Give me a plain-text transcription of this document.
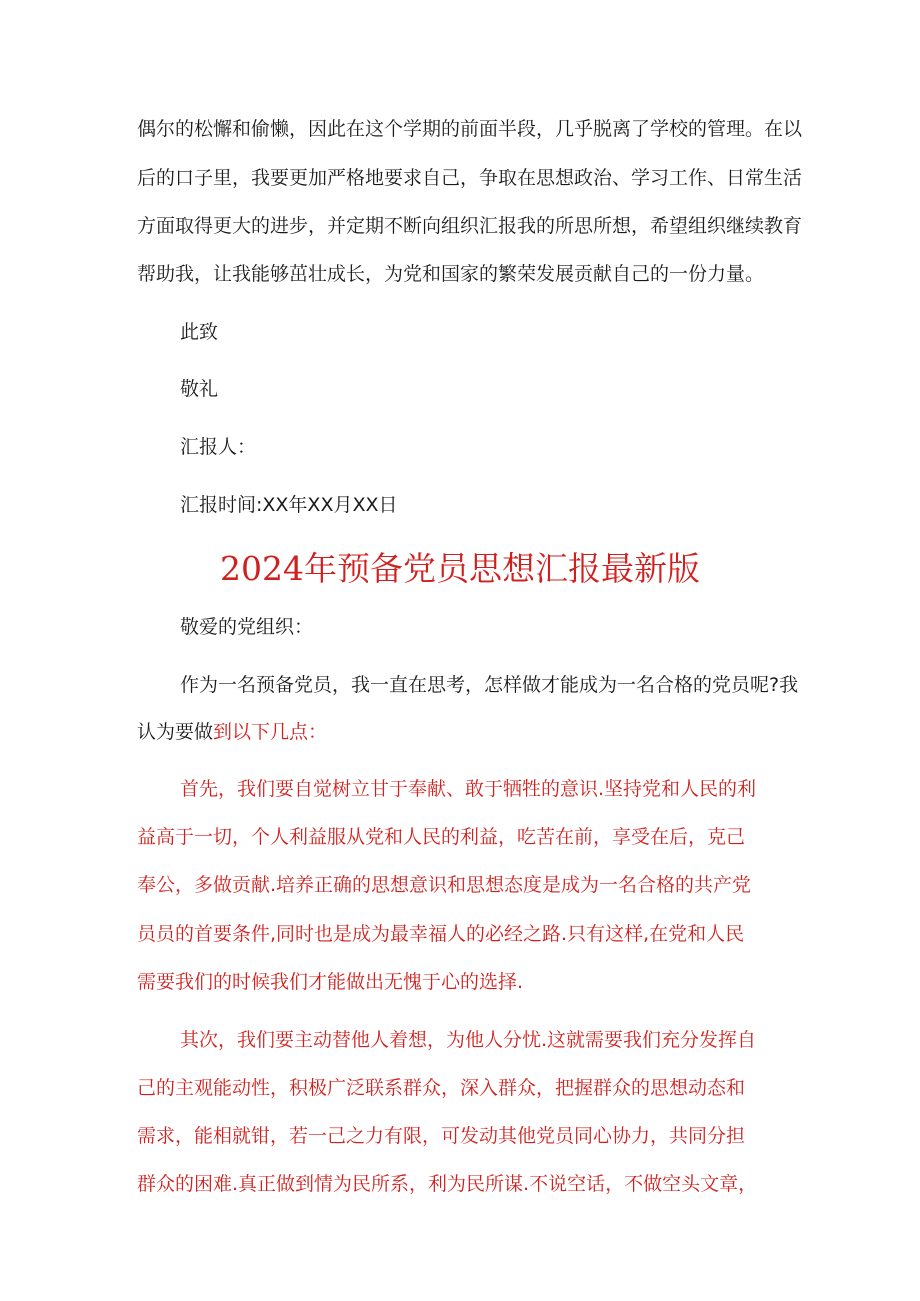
偶尔的松懈和偷懒，因此在这个学期的前面半段，几乎脱离了学校的管理。在以
后的口子里，我要更加严格地要求自己，争取在思想政治、学习工作、日常生活
方面取得更大的进步，并定期不断向组织汇报我的所思所想，希望组织继续教育
帮助我，让我能够茁壮成长，为党和国家的繁荣发展贡献自己的一份力量。
此致
敬礼
汇报人：
汇报时间:XX年XX月XX日
2024年预备党员思想汇报最新版
敬爱的党组织：
作为一名预备党员，我一直在思考，怎样做才能成为一名合格的党员呢?我
认为要做到以下几点：
首先，我们要自觉树立甘于奉献、敢于牺牲的意识.坚持党和人民的利
益高于一切，个人利益服从党和人民的利益，吃苦在前，享受在后，克己
奉公，多做贡献.培养正确的思想意识和思想态度是成为一名合格的共产党
员员的首要条件,同时也是成为最幸福人的必经之路.只有这样,在党和人民
需要我们的时候我们才能做出无愧于心的选择.
其次，我们要主动替他人着想，为他人分忧.这就需要我们充分发挥自
己的主观能动性，积极广泛联系群众，深入群众，把握群众的思想动态和
需求，能相就钳，若一己之力有限，可发动其他党员同心协力，共同分担
群众的困难.真正做到情为民所系，利为民所谋.不说空话，不做空头文章，
